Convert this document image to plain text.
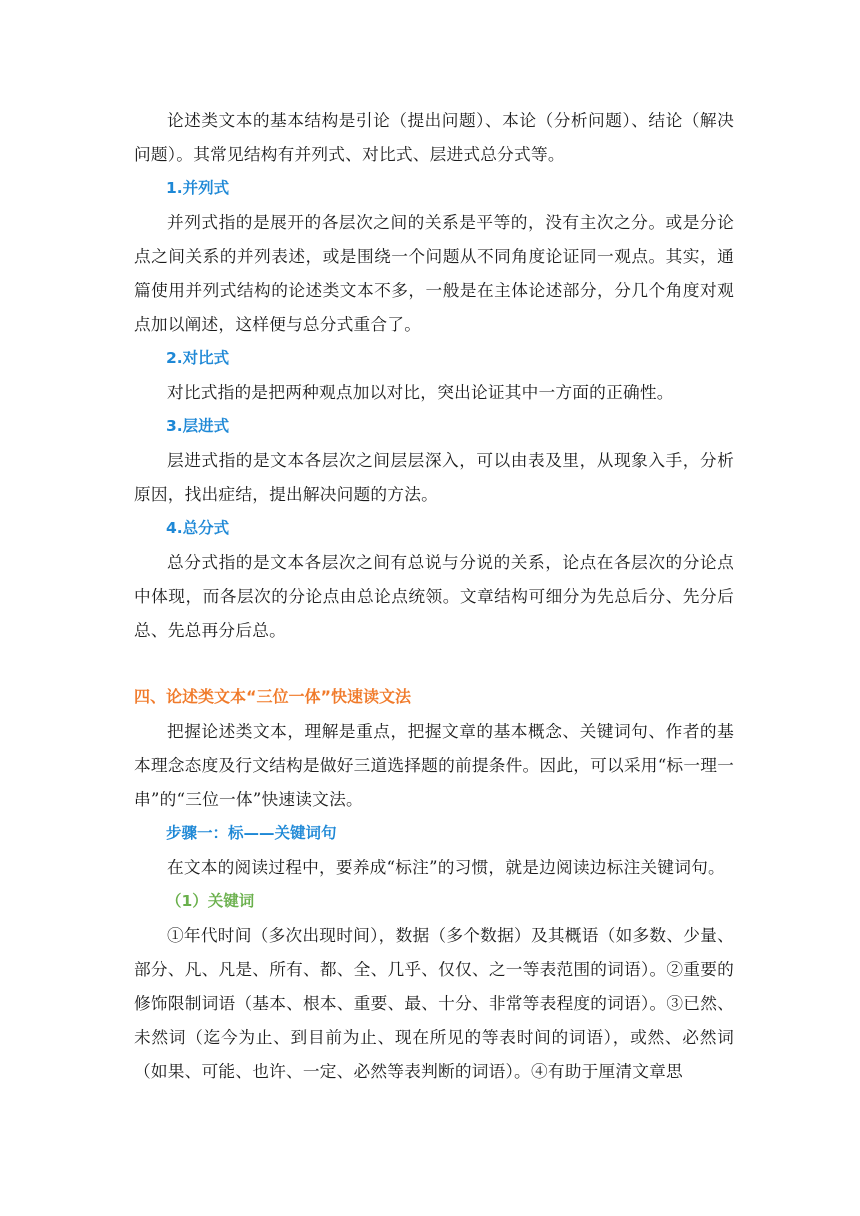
论述类文本的基本结构是引论（提出问题）、本论（分析问题）、结论（解决问题）。其常见结构有并列式、对比式、层进式总分式等。

1.并列式

并列式指的是展开的各层次之间的关系是平等的，没有主次之分。或是分论点之间关系的并列表述，或是围绕一个问题从不同角度论证同一观点。其实，通篇使用并列式结构的论述类文本不多，一般是在主体论述部分，分几个角度对观点加以阐述，这样便与总分式重合了。

2.对比式

对比式指的是把两种观点加以对比，突出论证其中一方面的正确性。

3.层进式

层进式指的是文本各层次之间层层深入，可以由表及里，从现象入手，分析原因，找出症结，提出解决问题的方法。

4.总分式

总分式指的是文本各层次之间有总说与分说的关系，论点在各层次的分论点中体现，而各层次的分论点由总论点统领。文章结构可细分为先总后分、先分后总、先总再分后总。

四、论述类文本“三位一体”快速读文法

把握论述类文本，理解是重点，把握文章的基本概念、关键词句、作者的基本理念态度及行文结构是做好三道选择题的前提条件。因此，可以采用“标一理一串”的“三位一体”快速读文法。

步骤一：标——关键词句

在文本的阅读过程中，要养成“标注”的习惯，就是边阅读边标注关键词句。

（1）关键词

①年代时间（多次出现时间），数据（多个数据）及其概语（如多数、少量、部分、凡、凡是、所有、都、全、几乎、仅仅、之一等表范围的词语）。②重要的修饰限制词语（基本、根本、重要、最、十分、非常等表程度的词语）。③已然、未然词（迄今为止、到目前为止、现在所见的等表时间的词语），或然、必然词（如果、可能、也许、一定、必然等表判断的词语）。④有助于厘清文章思
